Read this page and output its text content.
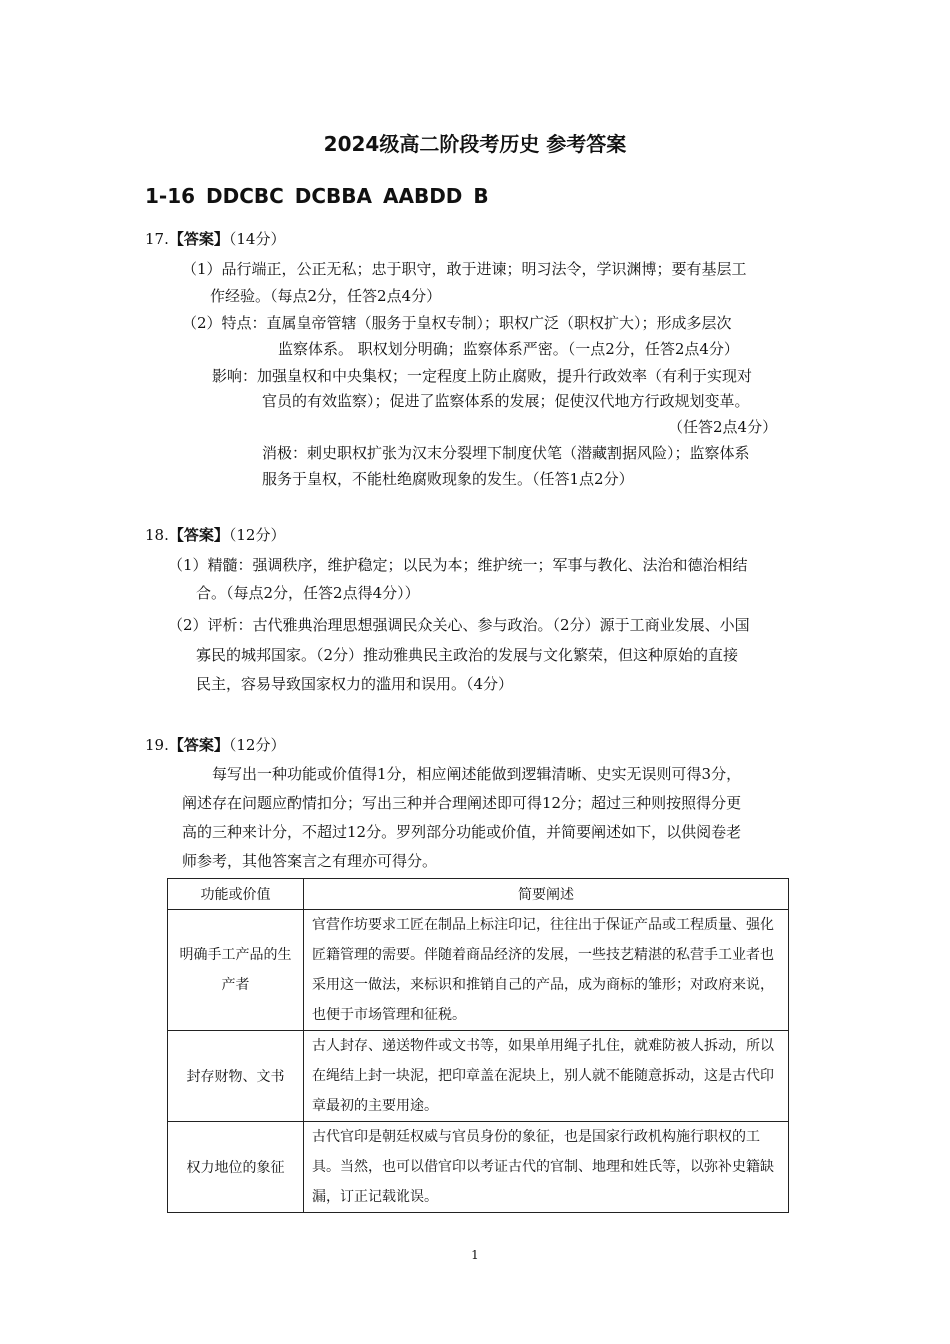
2024级高二阶段考历史 参考答案
1-16 DDCBC DCBBA AABDD B
17.【答案】（14分）
（1）品行端正，公正无私；忠于职守，敢于进谏；明习法令，学识渊博；要有基层工
作经验。（每点2分，任答2点4分）
（2）特点：直属皇帝管辖（服务于皇权专制）；职权广泛（职权扩大）；形成多层次
监察体系。 职权划分明确；监察体系严密。（一点2分，任答2点4分）
影响：加强皇权和中央集权；一定程度上防止腐败，提升行政效率（有利于实现对
官员的有效监察）；促进了监察体系的发展；促使汉代地方行政规划变革。
（任答2点4分）
消极：刺史职权扩张为汉末分裂埋下制度伏笔（潜藏割据风险）；监察体系
服务于皇权，不能杜绝腐败现象的发生。（任答1点2分）
18.【答案】（12分）
（1）精髓：强调秩序，维护稳定；以民为本；维护统一；军事与教化、法治和德治相结
合。（每点2分，任答2点得4分））
（2）评析：古代雅典治理思想强调民众关心、参与政治。（2分）源于工商业发展、小国
寡民的城邦国家。（2分）推动雅典民主政治的发展与文化繁荣，但这种原始的直接
民主，容易导致国家权力的滥用和误用。（4分）
19.【答案】（12分）
每写出一种功能或价值得1分，相应阐述能做到逻辑清晰、史实无误则可得3分，
阐述存在问题应酌情扣分；写出三种并合理阐述即可得12分；超过三种则按照得分更
高的三种来计分，不超过12分。罗列部分功能或价值，并简要阐述如下，以供阅卷老
师参考，其他答案言之有理亦可得分。
功能或价值	简要阐述
明确手工产品的生产者	官营作坊要求工匠在制品上标注印记，往往出于保证产品或工程质量、强化匠籍管理的需要。伴随着商品经济的发展，一些技艺精湛的私营手工业者也采用这一做法，来标识和推销自己的产品，成为商标的雏形；对政府来说，也便于市场管理和征税。
封存财物、文书	古人封存、递送物件或文书等，如果单用绳子扎住，就难防被人拆动，所以在绳结上封一块泥，把印章盖在泥块上，别人就不能随意拆动，这是古代印章最初的主要用途。
权力地位的象征	古代官印是朝廷权威与官员身份的象征，也是国家行政机构施行职权的工具。当然，也可以借官印以考证古代的官制、地理和姓氏等，以弥补史籍缺漏，订正记载讹误。
1
